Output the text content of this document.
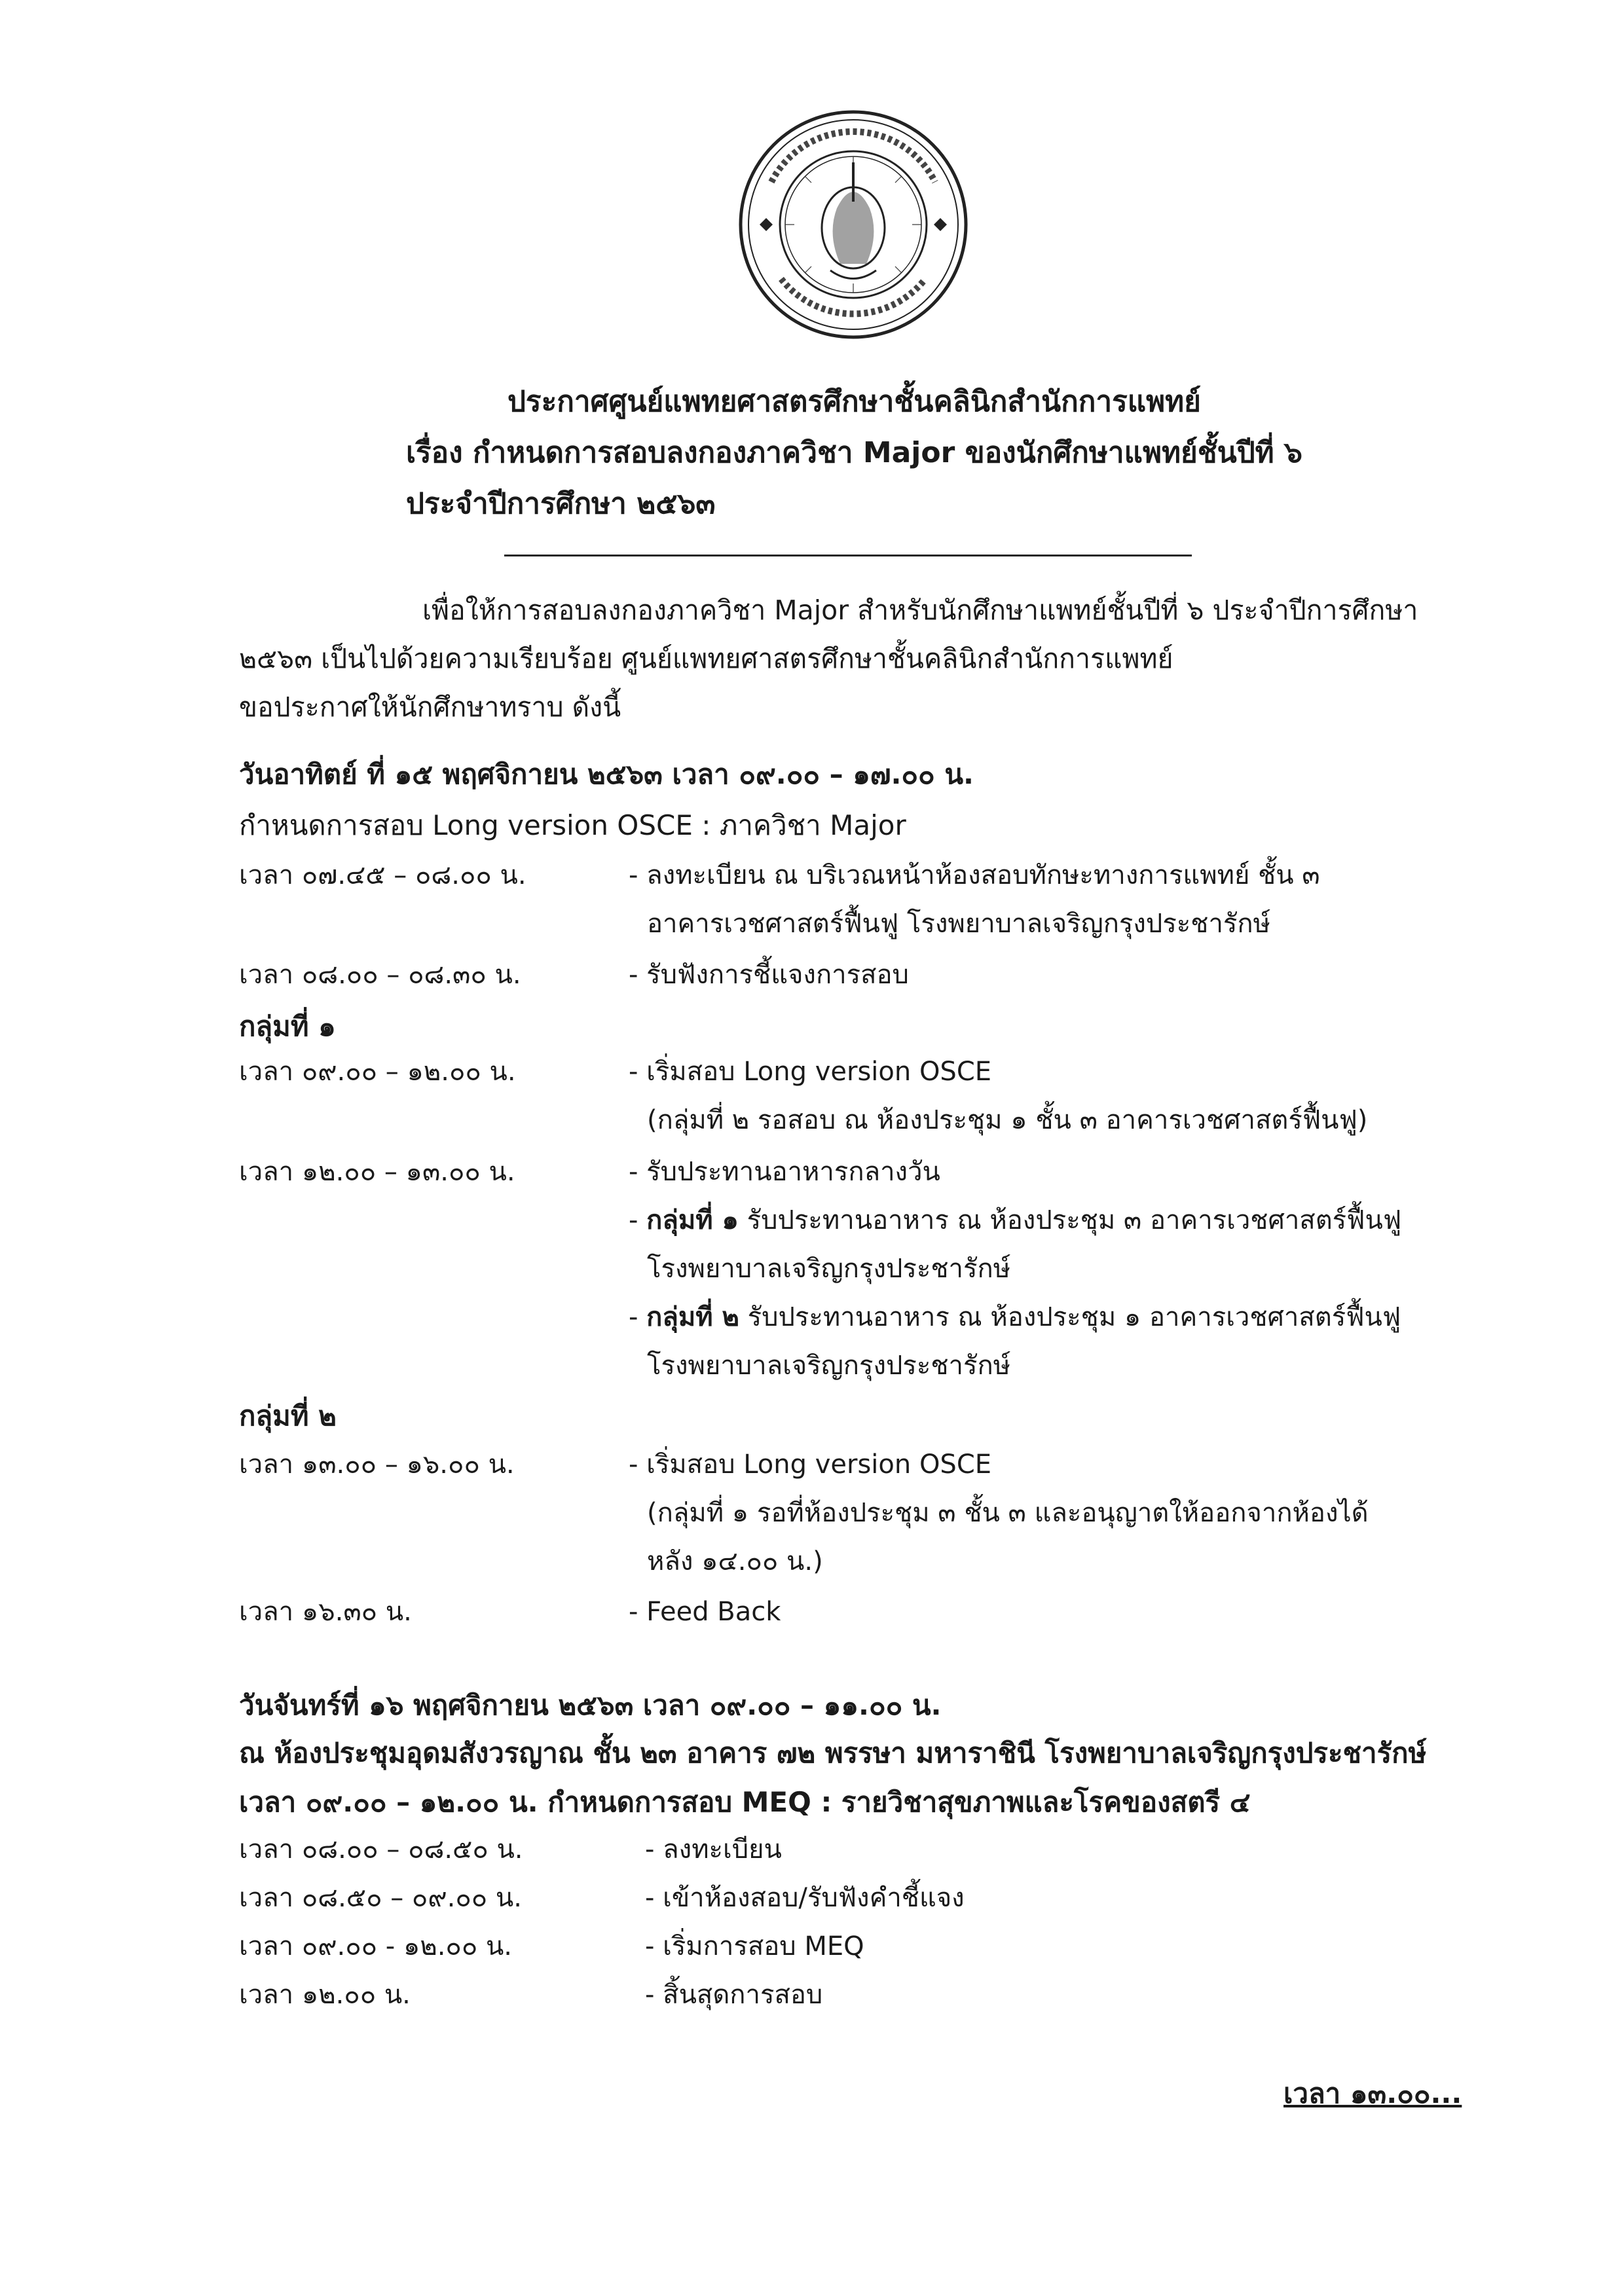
ประกาศศูนย์แพทยศาสตรศึกษาชั้นคลินิกสำนักการแพทย์
เรื่อง กำหนดการสอบลงกองภาควิชา Major ของนักศึกษาแพทย์ชั้นปีที่ ๖
ประจำปีการศึกษา ๒๕๖๓
เพื่อให้การสอบลงกองภาควิชา Major สำหรับนักศึกษาแพทย์ชั้นปีที่ ๖ ประจำปีการศึกษา
๒๕๖๓ เป็นไปด้วยความเรียบร้อย ศูนย์แพทยศาสตรศึกษาชั้นคลินิกสำนักการแพทย์
ขอประกาศให้นักศึกษาทราบ ดังนี้
วันอาทิตย์ ที่ ๑๕ พฤศจิกายน ๒๕๖๓ เวลา ๐๙.๐๐ – ๑๗.๐๐ น.
กำหนดการสอบ Long version OSCE : ภาควิชา Major
เวลา ๐๗.๔๕ – ๐๘.๐๐ น.	- ลงทะเบียน ณ บริเวณหน้าห้องสอบทักษะทางการแพทย์ ชั้น ๓
อาคารเวชศาสตร์ฟื้นฟู โรงพยาบาลเจริญกรุงประชารักษ์
เวลา ๐๘.๐๐ – ๐๘.๓๐ น.	- รับฟังการชี้แจงการสอบ
กลุ่มที่ ๑
เวลา ๐๙.๐๐ – ๑๒.๐๐ น.	- เริ่มสอบ Long version OSCE
(กลุ่มที่ ๒ รอสอบ ณ ห้องประชุม ๑ ชั้น ๓ อาคารเวชศาสตร์ฟื้นฟู)
เวลา ๑๒.๐๐ – ๑๓.๐๐ น.	- รับประทานอาหารกลางวัน
- กลุ่มที่ ๑ รับประทานอาหาร ณ ห้องประชุม ๓ อาคารเวชศาสตร์ฟื้นฟู
โรงพยาบาลเจริญกรุงประชารักษ์
- กลุ่มที่ ๒ รับประทานอาหาร ณ ห้องประชุม ๑ อาคารเวชศาสตร์ฟื้นฟู
โรงพยาบาลเจริญกรุงประชารักษ์
กลุ่มที่ ๒
เวลา ๑๓.๐๐ – ๑๖.๐๐ น.	- เริ่มสอบ Long version OSCE
(กลุ่มที่ ๑ รอที่ห้องประชุม ๓ ชั้น ๓ และอนุญาตให้ออกจากห้องได้
หลัง ๑๔.๐๐ น.)
เวลา ๑๖.๓๐ น.	- Feed Back
วันจันทร์ที่ ๑๖ พฤศจิกายน ๒๕๖๓ เวลา ๐๙.๐๐ – ๑๑.๐๐ น.
ณ ห้องประชุมอุดมสังวรญาณ ชั้น ๒๓ อาคาร ๗๒ พรรษา มหาราชินี โรงพยาบาลเจริญกรุงประชารักษ์
เวลา ๐๙.๐๐ – ๑๒.๐๐ น. กำหนดการสอบ MEQ : รายวิชาสุขภาพและโรคของสตรี ๔
เวลา ๐๘.๐๐ – ๐๘.๕๐ น.	- ลงทะเบียน
เวลา ๐๘.๕๐ – ๐๙.๐๐ น.	- เข้าห้องสอบ/รับฟังคำชี้แจง
เวลา ๐๙.๐๐ - ๑๒.๐๐ น.	- เริ่มการสอบ MEQ
เวลา ๑๒.๐๐ น.	- สิ้นสุดการสอบ
เวลา ๑๓.๐๐...
